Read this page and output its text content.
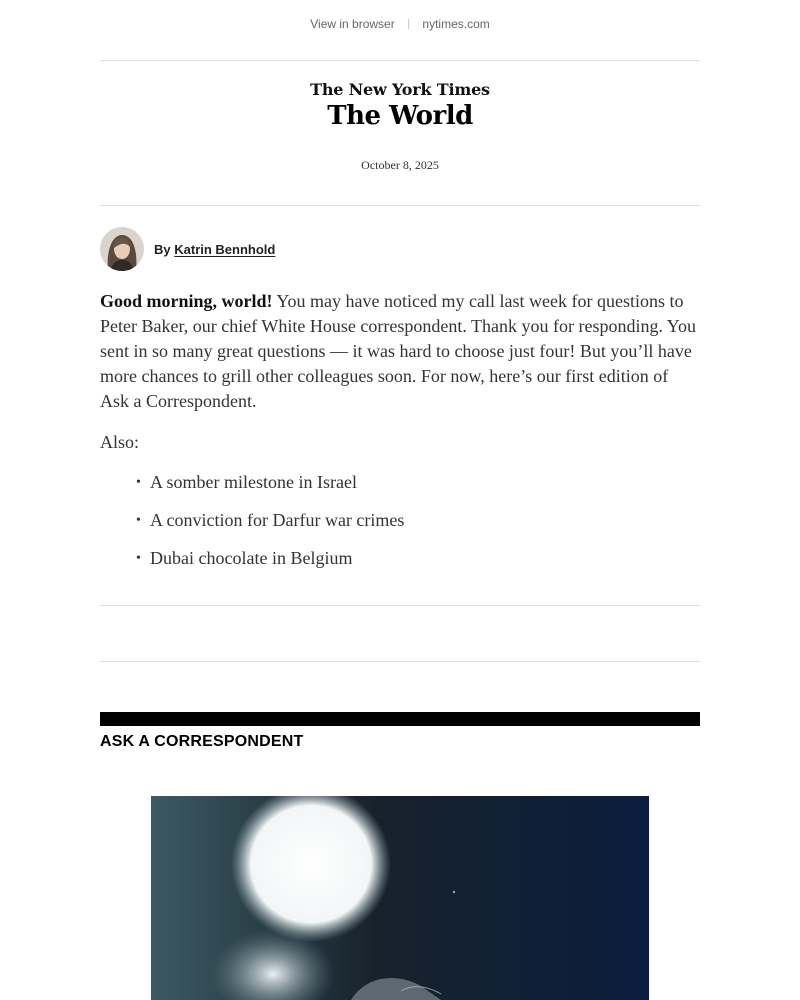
View in browser nytimes.com
The New York Times
The World
October 8, 2025
By Katrin Bennhold

Good morning, world! You may have noticed my call last week for questions to Peter Baker, our chief White House correspondent. Thank you for responding. You sent in so many great questions — it was hard to choose just four! But you’ll have more chances to grill other colleagues soon. For now, here’s our first edition of Ask a Correspondent.

Also:

• A somber milestone in Israel
• A conviction for Darfur war crimes
• Dubai chocolate in Belgium
ASK A CORRESPONDENT
